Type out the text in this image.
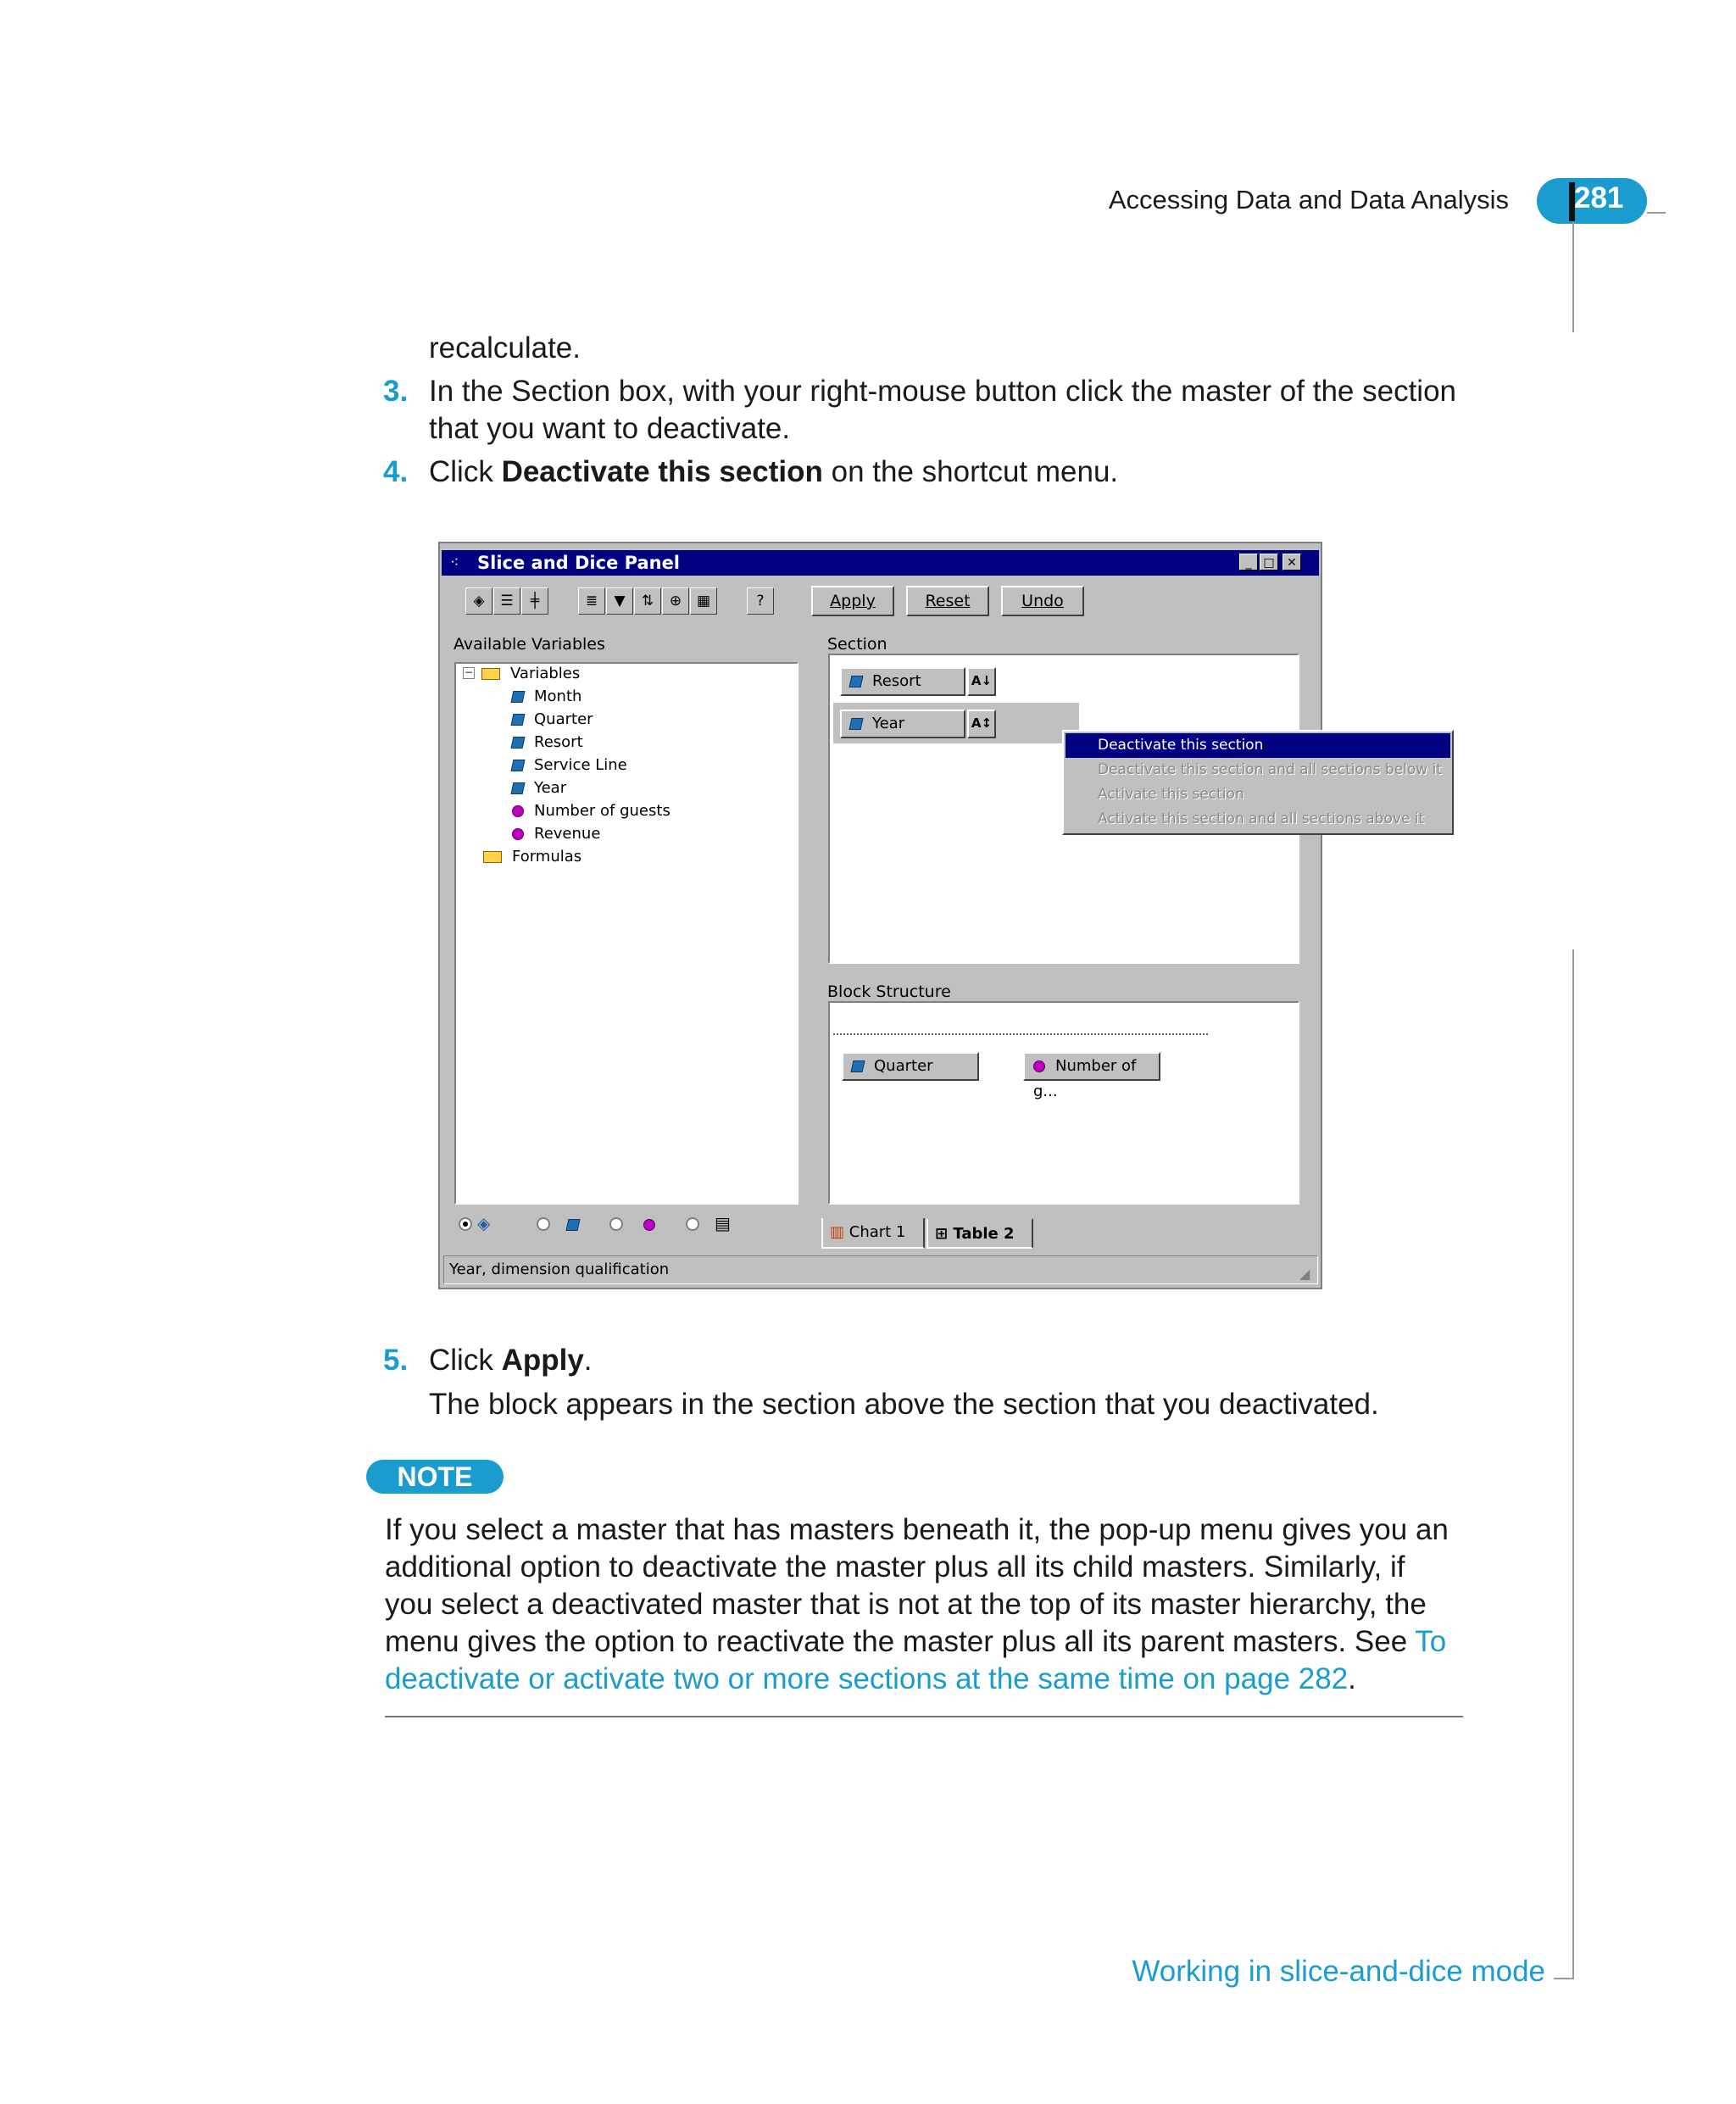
Accessing Data and Data Analysis 281
recalculate.
3. In the Section box, with your right-mouse button click the master of the section
that you want to deactivate.
4. Click Deactivate this section on the shortcut menu.
⁖ Slice and Dice Panel	_ □	✕
◈	☰	╪	≣	▼	⇅	⊕	▦	?	Apply	Reset	Undo
Available Variables
−	Variables
Month
Quarter
Resort
Service Line
Year
Number of guests
Revenue
Formulas
◈	▤
Section
Resort	A↓
Year	A↕
Deactivate this section
Deactivate this section and all sections below it
Activate this section
Activate this section and all sections above it
Block Structure
Quarter	Number of g...
▥ Chart 1	⊞ Table 2
Year, dimension qualification	◢
5. Click Apply.
The block appears in the section above the section that you deactivated.
NOTE
If you select a master that has masters beneath it, the pop-up menu gives you an
additional option to deactivate the master plus all its child masters. Similarly, if
you select a deactivated master that is not at the top of its master hierarchy, the
menu gives the option to reactivate the master plus all its parent masters. See To
deactivate or activate two or more sections at the same time on page 282.
Working in slice-and-dice mode
